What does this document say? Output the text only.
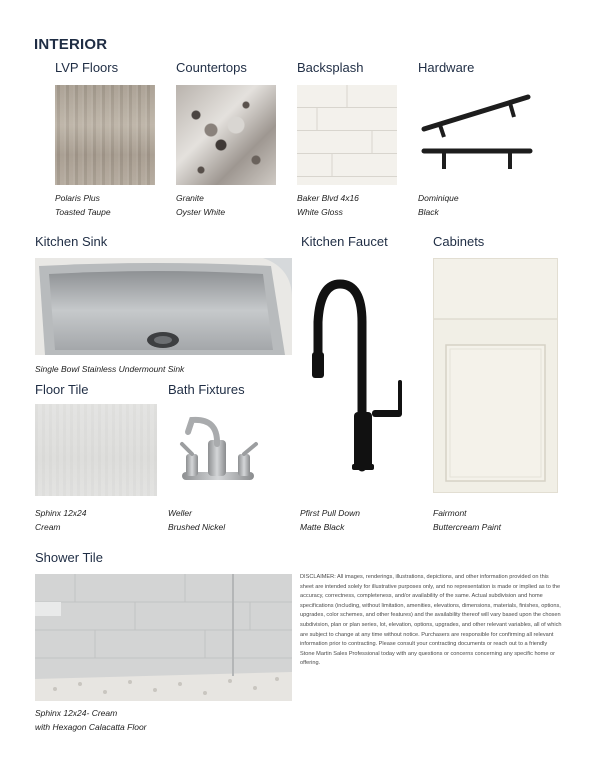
INTERIOR
LVP Floors
Polaris Plus
Toasted Taupe
Countertops
Granite
Oyster White
Backsplash
Baker Blvd 4x16
White Gloss
Hardware
Dominique
Black
Kitchen Sink
Single Bowl Stainless Undermount Sink
Kitchen Faucet
Pfirst Pull Down
Matte Black
Cabinets
Fairmont
Buttercream Paint
Floor Tile
Sphinx 12x24
Cream
Bath Fixtures
Weller
Brushed Nickel
Shower Tile
Sphinx 12x24- Cream
with Hexagon Calacatta Floor
DISCLAIMER: All images, renderings, illustrations, depictions, and other information provided on this sheet are intended solely for illustrative purposes only, and no representation is made or implied as to the accuracy, correctness, completeness, and/or availability of the same. Actual subdivision and home specifications (including, without limitation, amenities, elevations, dimensions, materials, finishes, options, upgrades, color schemes, and other features) and the availability thereof will vary based upon the chosen subdivision, plan or plan series, lot, elevation, options, upgrades, and other relevant variables, all of which are subject to change at any time without notice. Purchasers are responsible for confirming all relevant information prior to contracting. Please consult your contracting documents or reach out to a friendly Stone Martin Sales Professional today with any questions or concerns concerning any specific home or offering.
